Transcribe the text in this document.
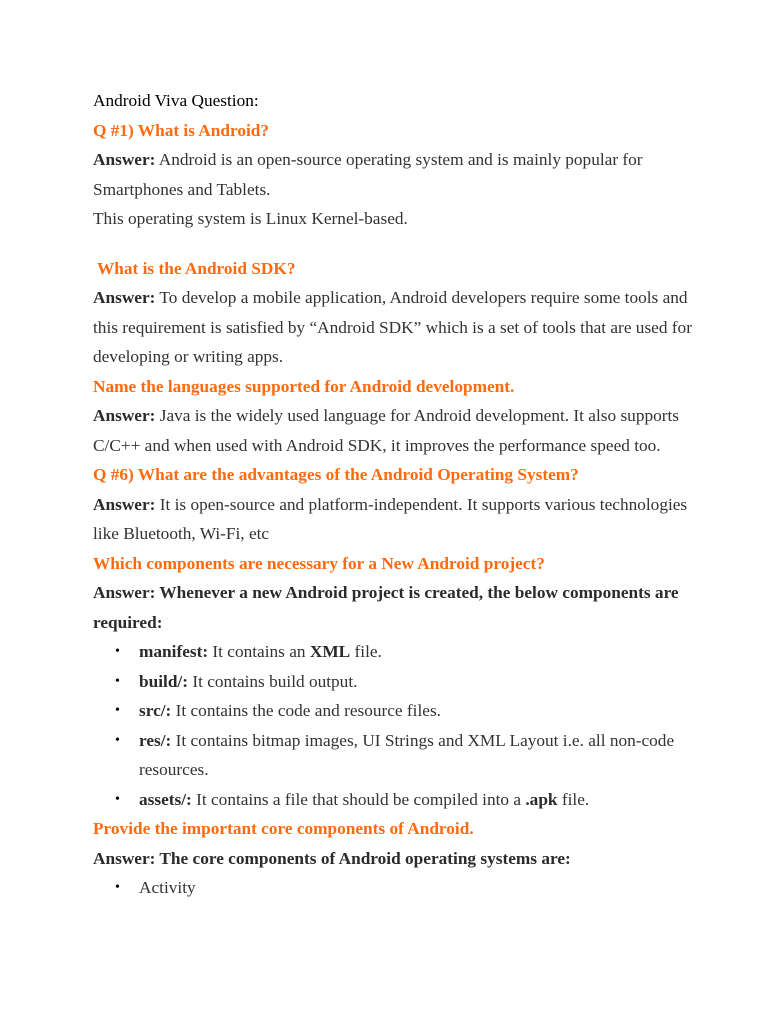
Android Viva Question:

Q #1) What is Android?

Answer: Android is an open-source operating system and is mainly popular for Smartphones and Tablets.

This operating system is Linux Kernel-based.

What is the Android SDK?

Answer: To develop a mobile application, Android developers require some tools and this requirement is satisfied by “Android SDK” which is a set of tools that are used for developing or writing apps.

Name the languages supported for Android development.

Answer: Java is the widely used language for Android development. It also supports C/C++ and when used with Android SDK, it improves the performance speed too.

Q #6) What are the advantages of the Android Operating System?

Answer: It is open-source and platform-independent. It supports various technologies like Bluetooth, Wi-Fi, etc

Which components are necessary for a New Android project?

Answer: Whenever a new Android project is created, the below components are required:

• manifest: It contains an XML file.
• build/: It contains build output.
• src/: It contains the code and resource files.
• res/: It contains bitmap images, UI Strings and XML Layout i.e. all non-code resources.
• assets/: It contains a file that should be compiled into a .apk file.

Provide the important core components of Android.

Answer: The core components of Android operating systems are:

• Activity
